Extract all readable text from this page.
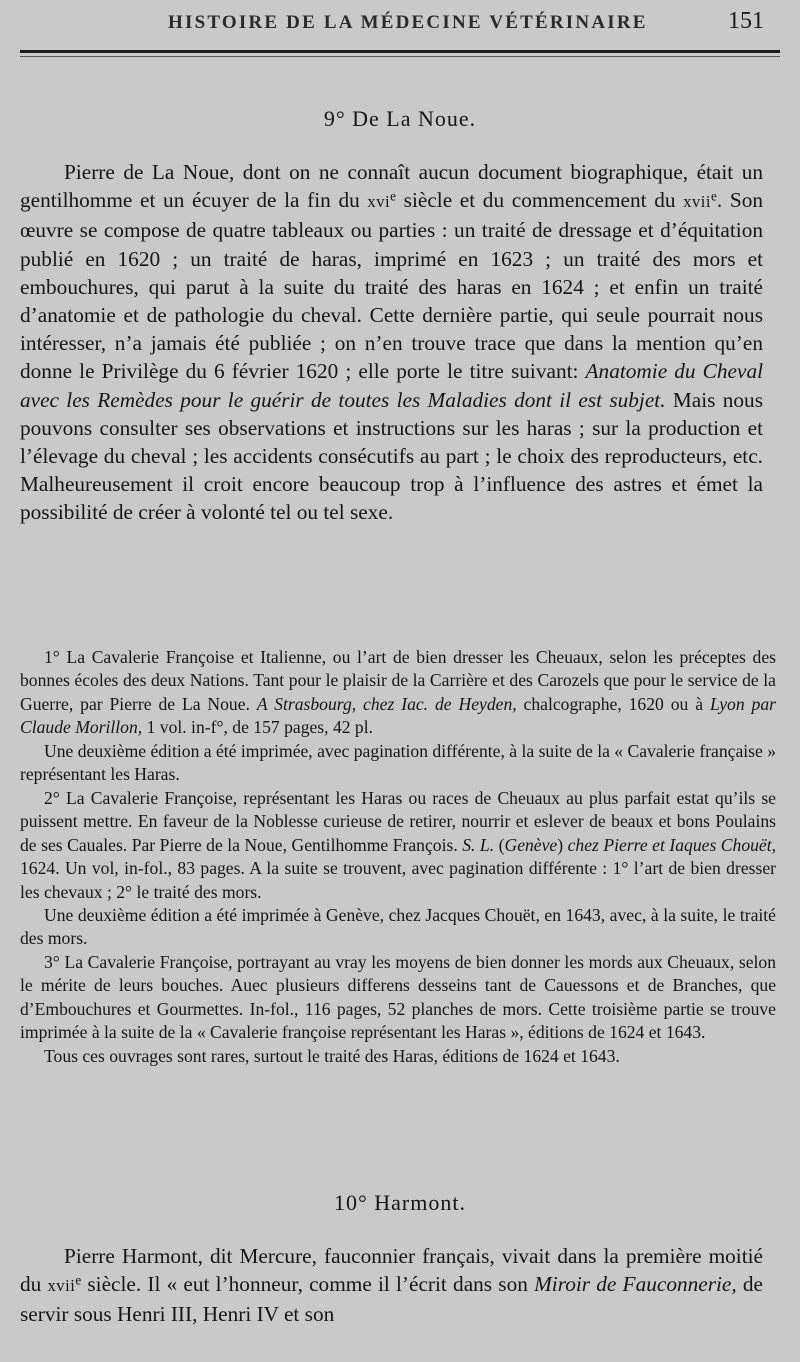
HISTOIRE DE LA MÉDECINE VÉTÉRINAIRE	151
9° De La Noue.

Pierre de La Noue, dont on ne connaît aucun document biographique, était un gentilhomme et un écuyer de la fin du xvi$^e$ siècle et du commencement du xvii$^e$. Son œuvre se compose de quatre tableaux ou parties : un traité de dressage et d’équitation publié en 1620 ; un traité de haras, imprimé en 1623 ; un traité des mors et embouchures, qui parut à la suite du traité des haras en 1624 ; et enfin un traité d’anatomie et de pathologie du cheval. Cette dernière partie, qui seule pourrait nous intéresser, n’a jamais été publiée ; on n’en trouve trace que dans la mention qu’en donne le Privilège du 6 février 1620 ; elle porte le titre suivant: Anatomie du Cheval avec les Remèdes pour le guérir de toutes les Maladies dont il est subjet. Mais nous pouvons consulter ses observations et instructions sur les haras ; sur la production et l’élevage du cheval ; les accidents consécutifs au part ; le choix des reproducteurs, etc. Malheureusement il croit encore beaucoup trop à l’influence des astres et émet la possibilité de créer à volonté tel ou tel sexe.

1° La Cavalerie Françoise et Italienne, ou l’art de bien dresser les Cheuaux, selon les préceptes des bonnes écoles des deux Nations. Tant pour le plaisir de la Carrière et des Carozels que pour le service de la Guerre, par Pierre de La Noue. A Strasbourg, chez Iac. de Heyden, chalcographe, 1620 ou à Lyon par Claude Morillon, 1 vol. in-f°, de 157 pages, 42 pl.

Une deuxième édition a été imprimée, avec pagination différente, à la suite de la « Cavalerie française » représentant les Haras.

2° La Cavalerie Françoise, représentant les Haras ou races de Cheuaux au plus parfait estat qu’ils se puissent mettre. En faveur de la Noblesse curieuse de retirer, nourrir et eslever de beaux et bons Poulains de ses Cauales. Par Pierre de la Noue, Gentilhomme François. S. L. (Genève) chez Pierre et Iaques Chouët, 1624. Un vol, in-fol., 83 pages. A la suite se trouvent, avec pagination différente : 1° l’art de bien dresser les chevaux ; 2° le traité des mors.

Une deuxième édition a été imprimée à Genève, chez Jacques Chouët, en 1643, avec, à la suite, le traité des mors.

3° La Cavalerie Françoise, portrayant au vray les moyens de bien donner les mords aux Cheuaux, selon le mérite de leurs bouches. Auec plusieurs differens desseins tant de Cauessons et de Branches, que d’Embouchures et Gourmettes. In-fol., 116 pages, 52 planches de mors. Cette troisième partie se trouve imprimée à la suite de la « Cavalerie françoise représentant les Haras », éditions de 1624 et 1643.

Tous ces ouvrages sont rares, surtout le traité des Haras, éditions de 1624 et 1643.

10° Harmont.

Pierre Harmont, dit Mercure, fauconnier français, vivait dans la première moitié du xvii$^e$ siècle. Il « eut l’honneur, comme il l’écrit dans son Miroir de Fauconnerie, de servir sous Henri III, Henri IV et son
